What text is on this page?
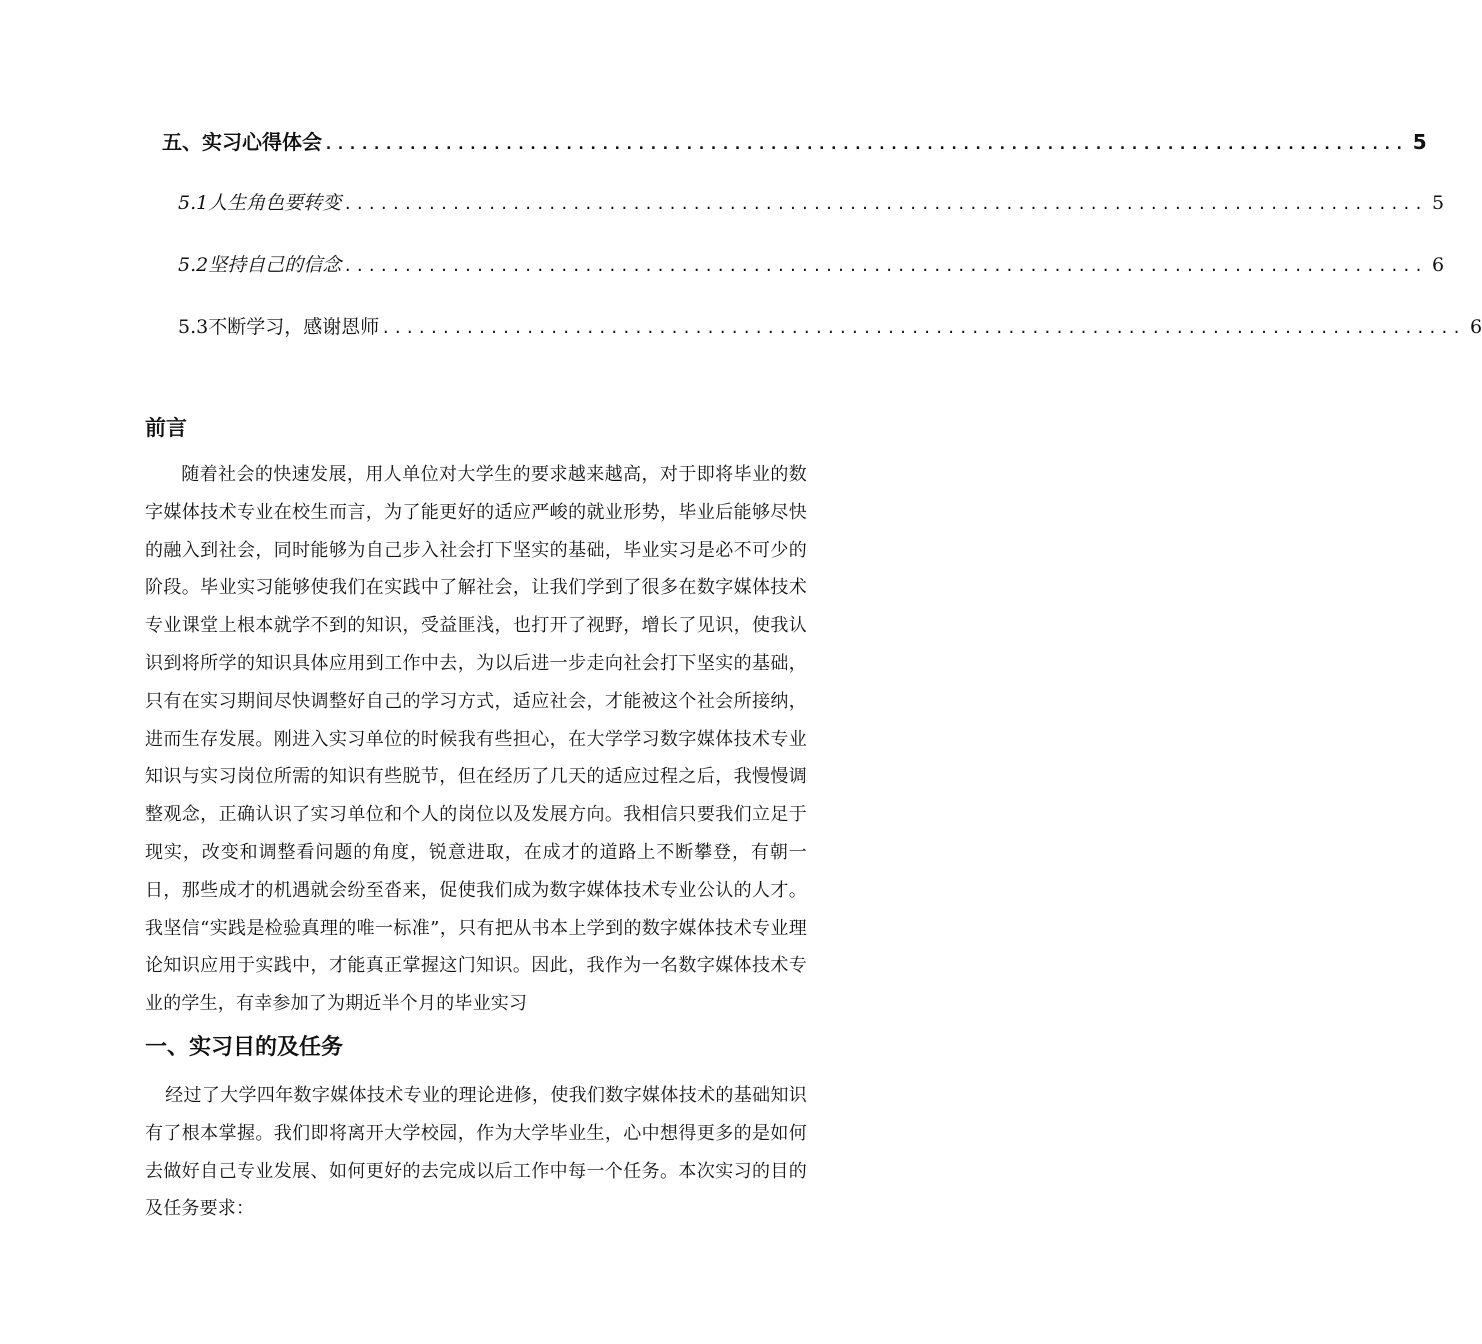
五、实习心得体会 .......................................................................................... 5
5.1人生角色要转变 .......................................................................................... 5
5.2坚持自己的信念 .......................................................................................... 6
5.3不断学习，感谢恩师 .......................................................................................... 6
前言
随着社会的快速发展，用人单位对大学生的要求越来越高，对于即将毕业的数字媒体技术专业在校生而言，为了能更好的适应严峻的就业形势，毕业后能够尽快的融入到社会，同时能够为自己步入社会打下坚实的基础，毕业实习是必不可少的阶段。毕业实习能够使我们在实践中了解社会，让我们学到了很多在数字媒体技术专业课堂上根本就学不到的知识，受益匪浅，也打开了视野，增长了见识，使我认识到将所学的知识具体应用到工作中去，为以后进一步走向社会打下坚实的基础，只有在实习期间尽快调整好自己的学习方式，适应社会，才能被这个社会所接纳，进而生存发展。刚进入实习单位的时候我有些担心，在大学学习数字媒体技术专业知识与实习岗位所需的知识有些脱节，但在经历了几天的适应过程之后，我慢慢调整观念，正确认识了实习单位和个人的岗位以及发展方向。我相信只要我们立足于现实，改变和调整看问题的角度，锐意进取，在成才的道路上不断攀登，有朝一日，那些成才的机遇就会纷至沓来，促使我们成为数字媒体技术专业公认的人才。我坚信“实践是检验真理的唯一标准”，只有把从书本上学到的数字媒体技术专业理论知识应用于实践中，才能真正掌握这门知识。因此，我作为一名数字媒体技术专业的学生，有幸参加了为期近半个月的毕业实习
一、实习目的及任务
经过了大学四年数字媒体技术专业的理论进修，使我们数字媒体技术的基础知识有了根本掌握。我们即将离开大学校园，作为大学毕业生，心中想得更多的是如何去做好自己专业发展、如何更好的去完成以后工作中每一个任务。本次实习的目的及任务要求：
